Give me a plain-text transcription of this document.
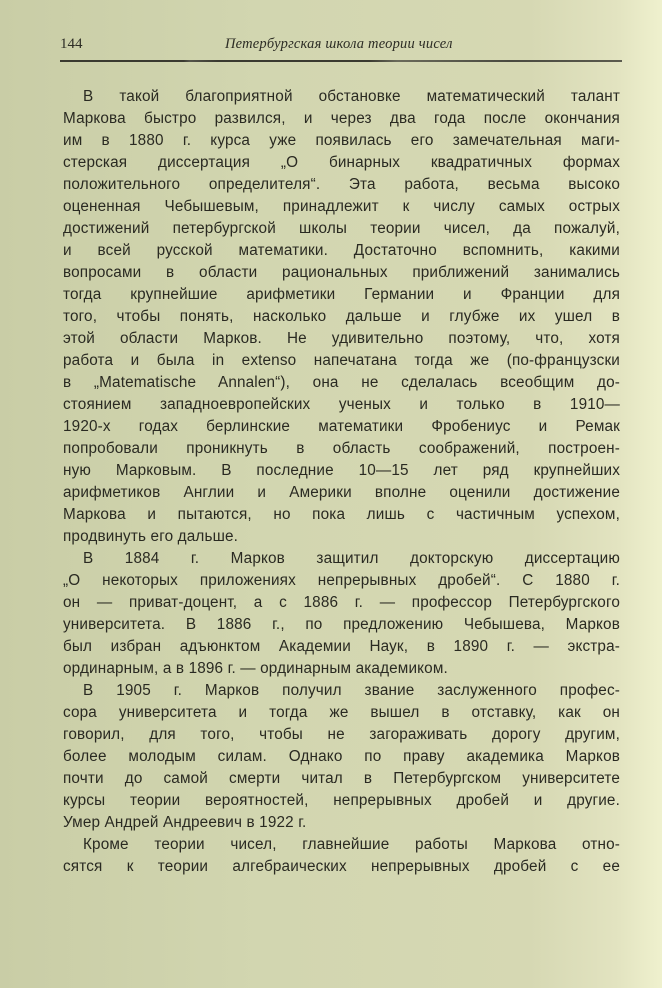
144	Петербургская школа теории чисел
В такой благоприятной обстановке математический талант
Маркова быстро развился, и через два года после окончания
им в 1880 г. курса уже появилась его замечательная маги-
стерская диссертация „О бинарных квадратичных формах
положительного определителя“. Эта работа, весьма высоко
оцененная Чебышевым, принадлежит к числу самых острых
достижений петербургской школы теории чисел, да пожалуй,
и всей русской математики. Достаточно вспомнить, какими
вопросами в области рациональных приближений занимались
тогда крупнейшие арифметики Германии и Франции для
того, чтобы понять, насколько дальше и глубже их ушел в
этой области Марков. Не удивительно поэтому, что, хотя
работа и была in extenso напечатана тогда же (по-французски
в „Matematische Annalen“), она не сделалась всеобщим до-
стоянием западноевропейских ученых и только в 1910—
1920-х годах берлинские математики Фробениус и Ремак
попробовали проникнуть в область соображений, построен-
ную Марковым. В последние 10—15 лет ряд крупнейших
арифметиков Англии и Америки вполне оценили достижение
Маркова и пытаются, но пока лишь с частичным успехом,
продвинуть его дальше.
В 1884 г. Марков защитил докторскую диссертацию
„О некоторых приложениях непрерывных дробей“. С 1880 г.
он — приват-доцент, а с 1886 г. — профессор Петербургского
университета. В 1886 г., по предложению Чебышева, Марков
был избран адъюнктом Академии Наук, в 1890 г. — экстра-
ординарным, а в 1896 г. — ординарным академиком.
В 1905 г. Марков получил звание заслуженного профес-
сора университета и тогда же вышел в отставку, как он
говорил, для того, чтобы не загораживать дорогу другим,
более молодым силам. Однако по праву академика Марков
почти до самой смерти читал в Петербургском университете
курсы теории вероятностей, непрерывных дробей и другие.
Умер Андрей Андреевич в 1922 г.
Кроме теории чисел, главнейшие работы Маркова отно-
сятся к теории алгебраических непрерывных дробей с ее
